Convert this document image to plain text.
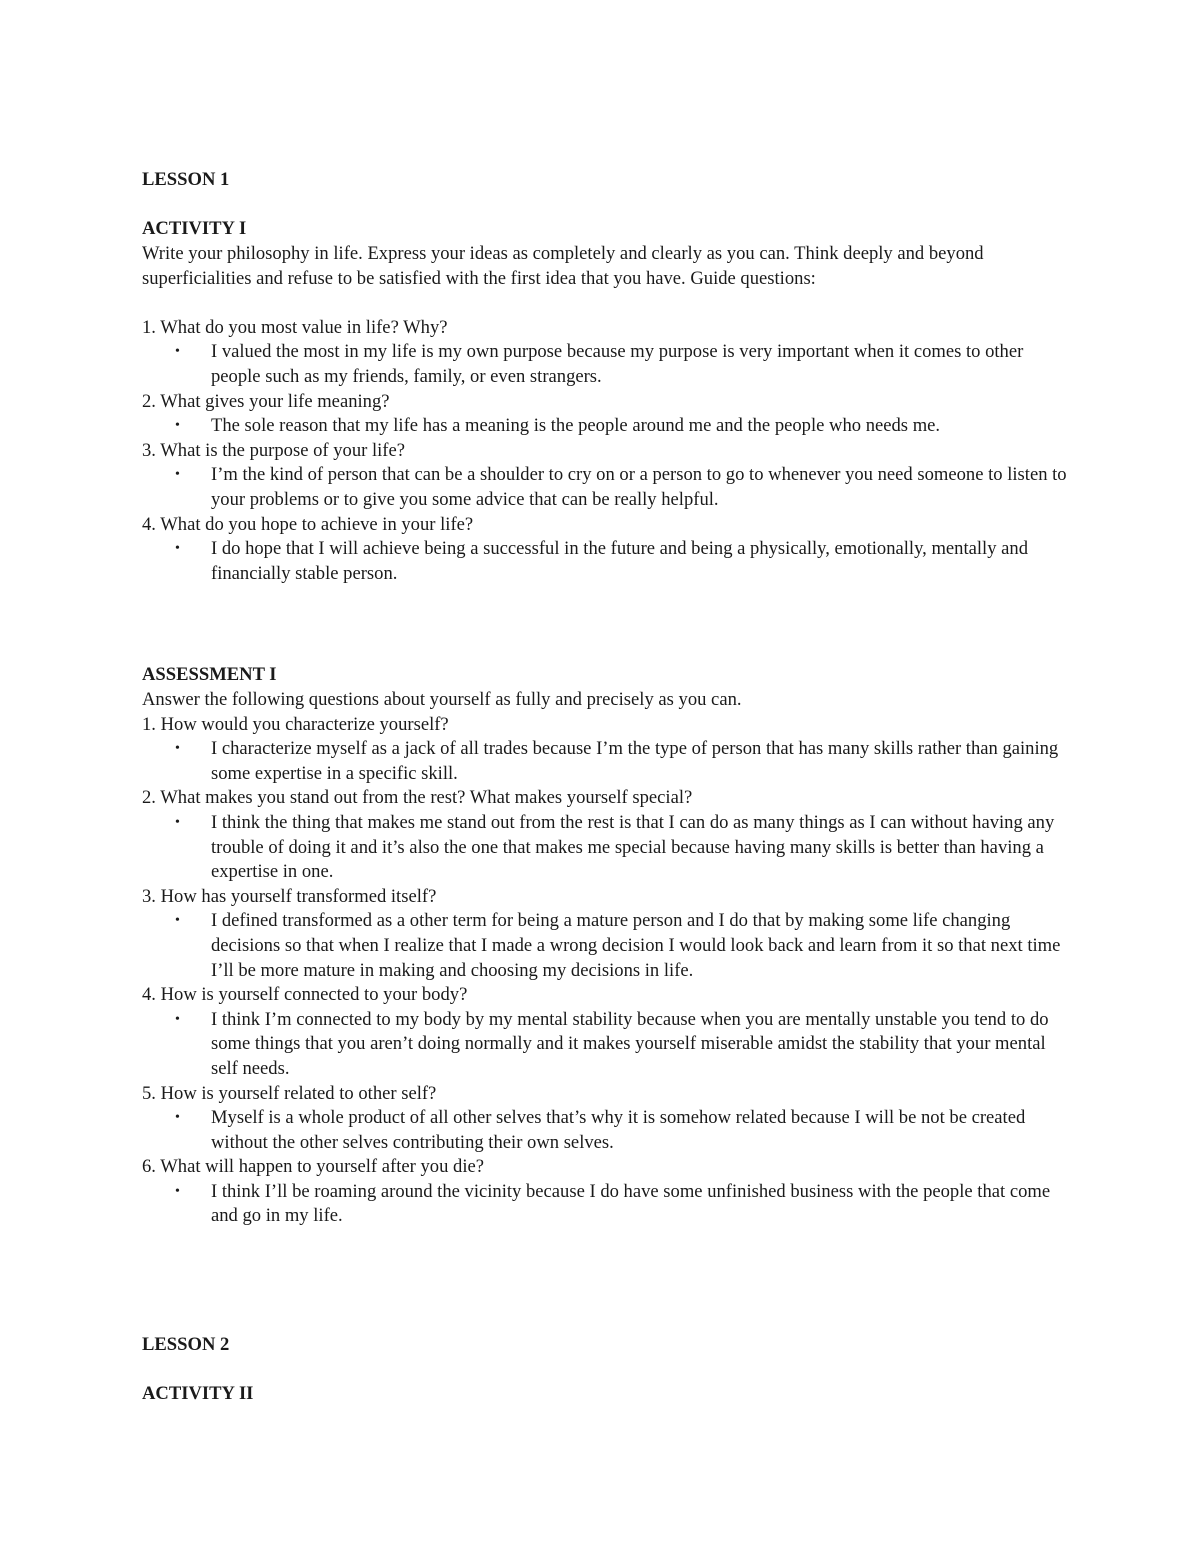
LESSON 1
ACTIVITY I

Write your philosophy in life. Express your ideas as completely and clearly as you can. Think deeply and beyond superficialities and refuse to be satisfied with the first idea that you have. Guide questions:

1. What do you most value in life? Why?

• I valued the most in my life is my own purpose because my purpose is very important when it comes to other people such as my friends, family, or even strangers.

2. What gives your life meaning?

• The sole reason that my life has a meaning is the people around me and the people who needs me.

3. What is the purpose of your life?

• I’m the kind of person that can be a shoulder to cry on or a person to go to whenever you need someone to listen to your problems or to give you some advice that can be really helpful.

4. What do you hope to achieve in your life?

• I do hope that I will achieve being a successful in the future and being a physically, emotionally, mentally and financially stable person.
ASSESSMENT I

Answer the following questions about yourself as fully and precisely as you can.

1. How would you characterize yourself?

• I characterize myself as a jack of all trades because I’m the type of person that has many skills rather than gaining some expertise in a specific skill.

2. What makes you stand out from the rest? What makes yourself special?

• I think the thing that makes me stand out from the rest is that I can do as many things as I can without having any trouble of doing it and it’s also the one that makes me special because having many skills is better than having a expertise in one.

3. How has yourself transformed itself?

• I defined transformed as a other term for being a mature person and I do that by making some life changing decisions so that when I realize that I made a wrong decision I would look back and learn from it so that next time I’ll be more mature in making and choosing my decisions in life.

4. How is yourself connected to your body?

• I think I’m connected to my body by my mental stability because when you are mentally unstable you tend to do some things that you aren’t doing normally and it makes yourself miserable amidst the stability that your mental self needs.

5. How is yourself related to other self?

• Myself is a whole product of all other selves that’s why it is somehow related because I will be not be created without the other selves contributing their own selves.

6. What will happen to yourself after you die?

• I think I’ll be roaming around the vicinity because I do have some unfinished business with the people that come and go in my life.
LESSON 2
ACTIVITY II
